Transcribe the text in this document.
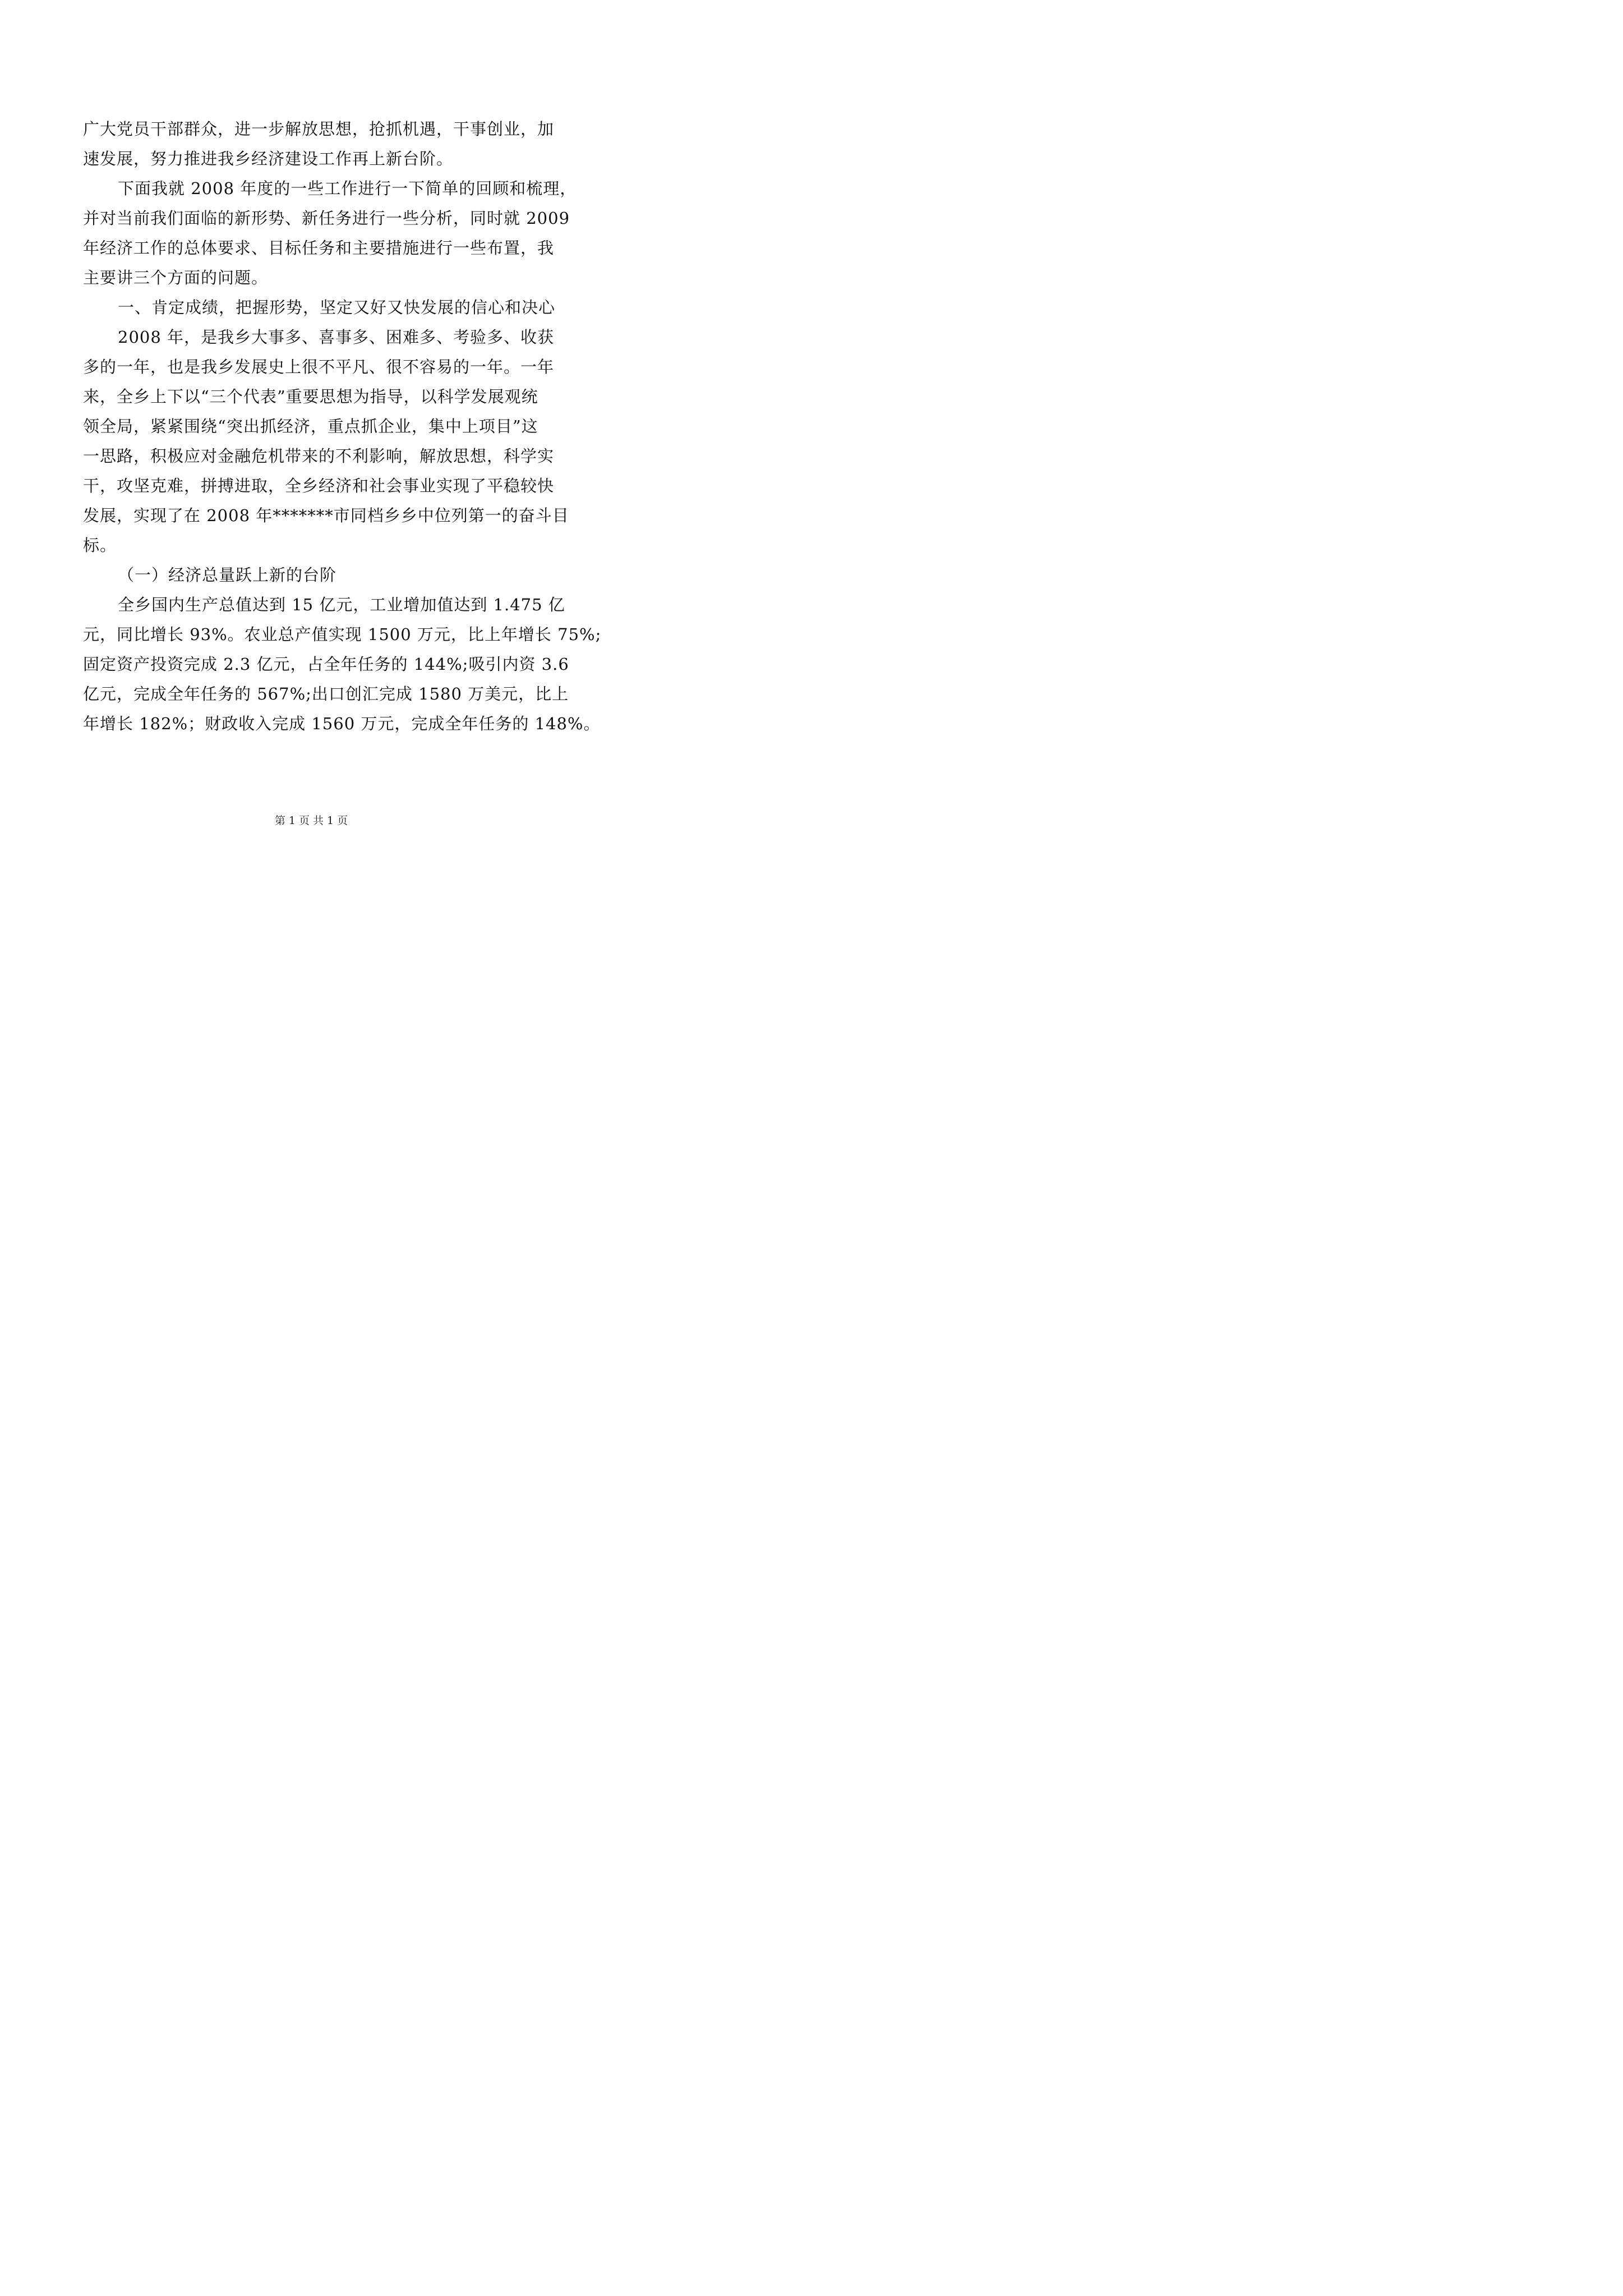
广大党员干部群众，进一步解放思想，抢抓机遇，干事创业，加
速发展，努力推进我乡经济建设工作再上新台阶。
下面我就 2008 年度的一些工作进行一下简单的回顾和梳理，
并对当前我们面临的新形势、新任务进行一些分析，同时就 2009
年经济工作的总体要求、目标任务和主要措施进行一些布置，我
主要讲三个方面的问题。
一、肯定成绩，把握形势，坚定又好又快发展的信心和决心
2008 年，是我乡大事多、喜事多、困难多、考验多、收获
多的一年，也是我乡发展史上很不平凡、很不容易的一年。一年
来，全乡上下以“三个代表”重要思想为指导，以科学发展观统
领全局，紧紧围绕“突出抓经济，重点抓企业，集中上项目”这
一思路，积极应对金融危机带来的不利影响，解放思想，科学实
干，攻坚克难，拼搏进取，全乡经济和社会事业实现了平稳较快
发展，实现了在 2008 年*******市同档乡乡中位列第一的奋斗目
标。
（一）经济总量跃上新的台阶
全乡国内生产总值达到 15 亿元，工业增加值达到 1.475 亿
元，同比增长 93%。农业总产值实现 1500 万元，比上年增长 75%;
固定资产投资完成 2.3 亿元，占全年任务的 144%;吸引内资 3.6
亿元，完成全年任务的 567%;出口创汇完成 1580 万美元，比上
年增长 182%；财政收入完成 1560 万元，完成全年任务的 148%。
第 1 页 共 1 页
